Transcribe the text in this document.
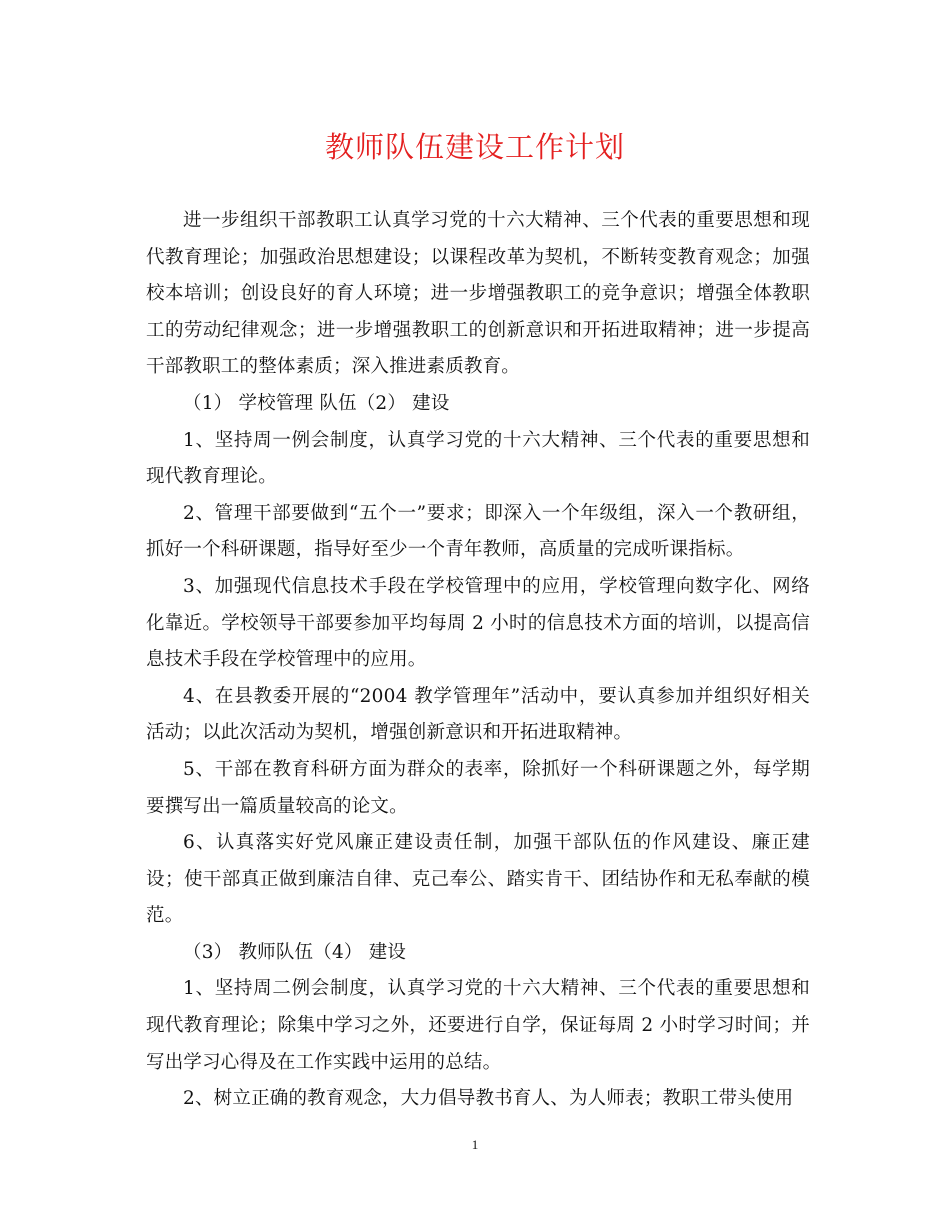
教师队伍建设工作计划

进一步组织干部教职工认真学习党的十六大精神、三个代表的重要思想和现代教育理论；加强政治思想建设；以课程改革为契机，不断转变教育观念；加强校本培训；创设良好的育人环境；进一步增强教职工的竞争意识；增强全体教职工的劳动纪律观念；进一步增强教职工的创新意识和开拓进取精神；进一步提高干部教职工的整体素质；深入推进素质教育。

（1） 学校管理 队伍（2） 建设

1、坚持周一例会制度，认真学习党的十六大精神、三个代表的重要思想和现代教育理论。

2、管理干部要做到“五个一”要求；即深入一个年级组，深入一个教研组，抓好一个科研课题，指导好至少一个青年教师，高质量的完成听课指标。

3、加强现代信息技术手段在学校管理中的应用，学校管理向数字化、网络化靠近。学校领导干部要参加平均每周 2 小时的信息技术方面的培训，以提高信息技术手段在学校管理中的应用。

4、在县教委开展的“2004 教学管理年”活动中，要认真参加并组织好相关活动；以此次活动为契机，增强创新意识和开拓进取精神。

5、干部在教育科研方面为群众的表率，除抓好一个科研课题之外，每学期要撰写出一篇质量较高的论文。

6、认真落实好党风廉正建设责任制，加强干部队伍的作风建设、廉正建设；使干部真正做到廉洁自律、克己奉公、踏实肯干、团结协作和无私奉献的模范。

（3） 教师队伍（4） 建设

1、坚持周二例会制度，认真学习党的十六大精神、三个代表的重要思想和现代教育理论；除集中学习之外，还要进行自学，保证每周 2 小时学习时间；并写出学习心得及在工作实践中运用的总结。

2、树立正确的教育观念，大力倡导教书育人、为人师表；教职工带头使用

1
